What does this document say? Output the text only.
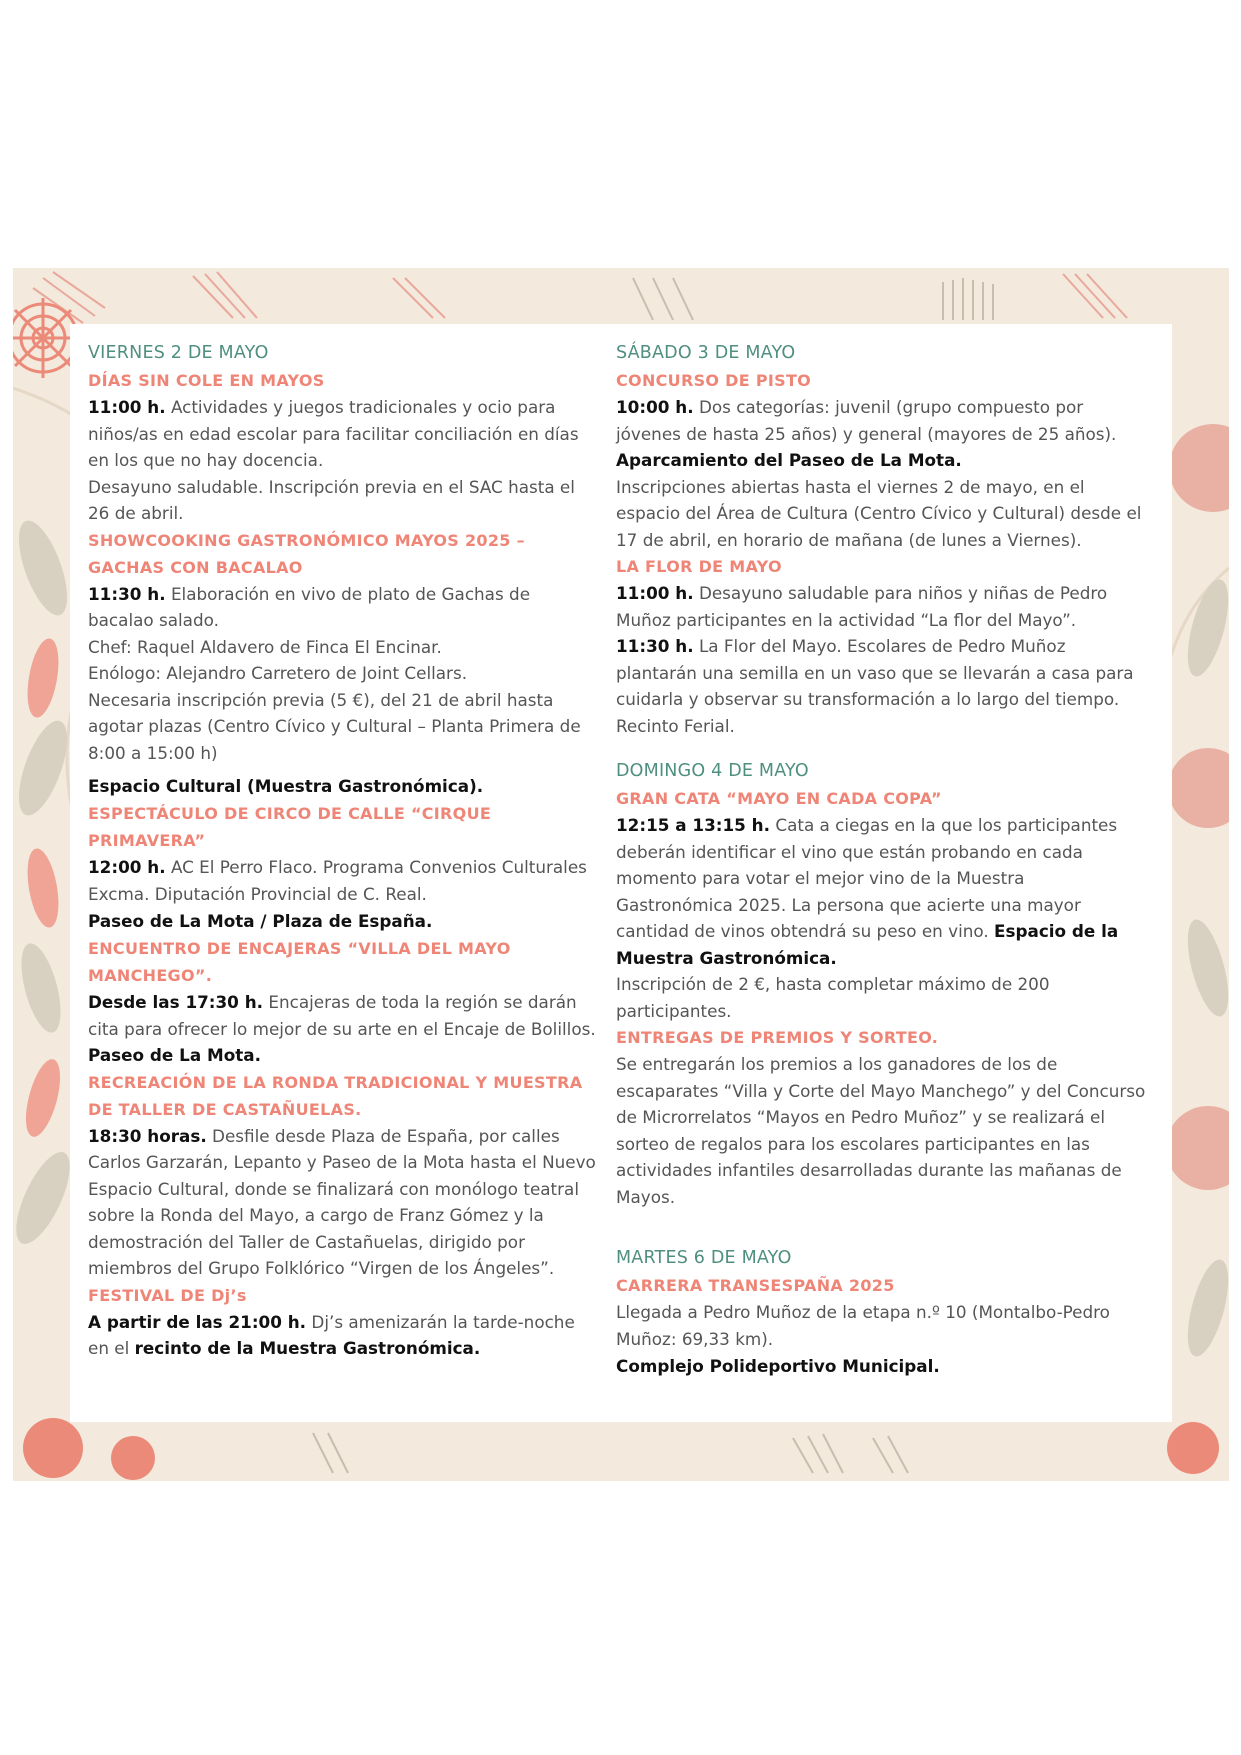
VIERNES 2 DE MAYO
DÍAS SIN COLE EN MAYOS

11:00 h. Actividades y juegos tradicionales y ocio para niños/as en edad escolar para facilitar conciliación en días en los que no hay docencia.

Desayuno saludable. Inscripción previa en el SAC hasta el 26 de abril.

SHOWCOOKING GASTRONÓMICO MAYOS 2025 – GACHAS CON BACALAO

11:30 h. Elaboración en vivo de plato de Gachas de bacalao salado.

Chef: Raquel Aldavero de Finca El Encinar.

Enólogo: Alejandro Carretero de Joint Cellars.

Necesaria inscripción previa (5 €), del 21 de abril hasta agotar plazas (Centro Cívico y Cultural – Planta Primera de 8:00 a 15:00 h)

Espacio Cultural (Muestra Gastronómica).
ESPECTÁCULO DE CIRCO DE CALLE “CIRQUE PRIMAVERA”

12:00 h. AC El Perro Flaco. Programa Convenios Culturales Excma. Diputación Provincial de C. Real.

Paseo de La Mota / Plaza de España.
ENCUENTRO DE ENCAJERAS “VILLA DEL MAYO MANCHEGO”.

Desde las 17:30 h. Encajeras de toda la región se darán cita para ofrecer lo mejor de su arte en el Encaje de Bolillos. Paseo de La Mota.

RECREACIÓN DE LA RONDA TRADICIONAL Y MUESTRA DE TALLER DE CASTAÑUELAS.

18:30 horas. Desfile desde Plaza de España, por calles Carlos Garzarán, Lepanto y Paseo de la Mota hasta el Nuevo Espacio Cultural, donde se finalizará con monólogo teatral sobre la Ronda del Mayo, a cargo de Franz Gómez y la demostración del Taller de Castañuelas, dirigido por miembros del Grupo Folklórico “Virgen de los Ángeles”.

FESTIVAL DE Dj’s

A partir de las 21:00 h. Dj’s amenizarán la tarde-noche en el recinto de la Muestra Gastronómica.

SÁBADO 3 DE MAYO
CONCURSO DE PISTO

10:00 h. Dos categorías: juvenil (grupo compuesto por jóvenes de hasta 25 años) y general (mayores de 25 años). Aparcamiento del Paseo de La Mota.

Inscripciones abiertas hasta el viernes 2 de mayo, en el espacio del Área de Cultura (Centro Cívico y Cultural) desde el 17 de abril, en horario de mañana (de lunes a Viernes).

LA FLOR DE MAYO

11:00 h. Desayuno saludable para niños y niñas de Pedro Muñoz participantes en la actividad “La flor del Mayo”.

11:30 h. La Flor del Mayo. Escolares de Pedro Muñoz plantarán una semilla en un vaso que se llevarán a casa para cuidarla y observar su transformación a lo largo del tiempo. Recinto Ferial.

DOMINGO 4 DE MAYO
GRAN CATA “MAYO EN CADA COPA”

12:15 a 13:15 h. Cata a ciegas en la que los participantes deberán identificar el vino que están probando en cada momento para votar el mejor vino de la Muestra Gastronómica 2025. La persona que acierte una mayor cantidad de vinos obtendrá su peso en vino. Espacio de la Muestra Gastronómica.

Inscripción de 2 €, hasta completar máximo de 200 participantes.

ENTREGAS DE PREMIOS Y SORTEO.

Se entregarán los premios a los ganadores de los de escaparates “Villa y Corte del Mayo Manchego” y del Concurso de Microrrelatos “Mayos en Pedro Muñoz” y se realizará el sorteo de regalos para los escolares participantes en las actividades infantiles desarrolladas durante las mañanas de Mayos.

MARTES 6 DE MAYO
CARRERA TRANSESPAÑA 2025

Llegada a Pedro Muñoz de la etapa n.º 10 (Montalbo-Pedro Muñoz: 69,33 km).

Complejo Polideportivo Municipal.
